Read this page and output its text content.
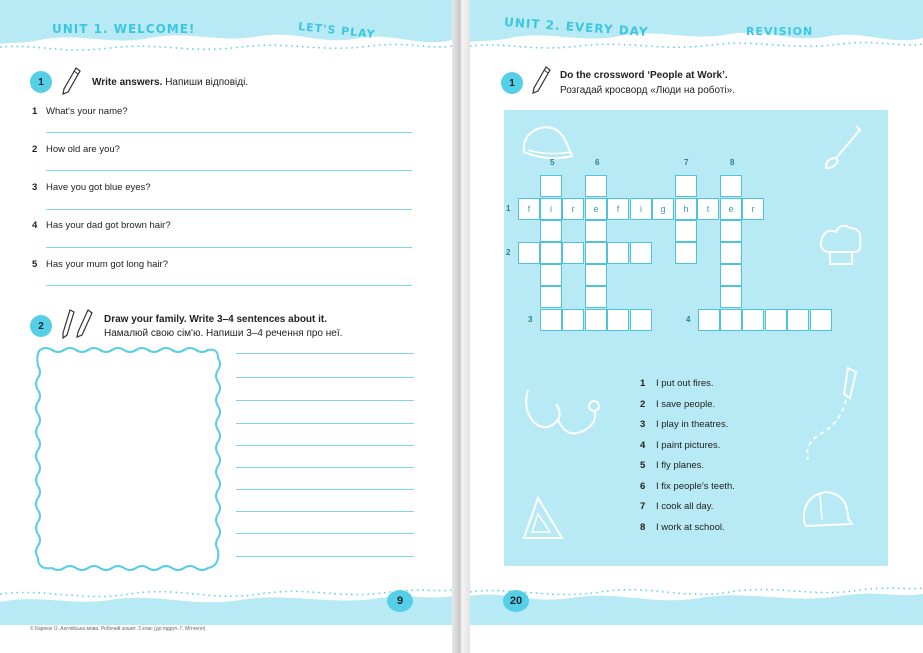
UNIT 1. WELCOME!	LET'S PLAY
1	Write answers. Напиши відповіді.
1 What's your name?
2 How old are you?
3 Have you got blue eyes?
4 Has your dad got brown hair?
5 Has your mum got long hair?
2
Draw your family. Write 3–4 sentences about it.
Намалюй свою сім'ю. Напиши 3–4 речення про неї.
9
© Карпюк О. Англійська мова. Робочий зошит. 3 клас (до підруч. Г. Мітчелл)
UNIT 2. EVERY DAY	REVISION
1
Do the crossword ‘People at Work’.
Розгадай кросворд «Люди на роботі».
5	6	7	8
1
2
3	4
f	i	r	e	f	i	g	h	t	e	r
1 I put out fires.
2 I save people.
3 I play in theatres.
4 I paint pictures.
5 I fly planes.
6 I fix people's teeth.
7 I cook all day.
8 I work at school.
20
